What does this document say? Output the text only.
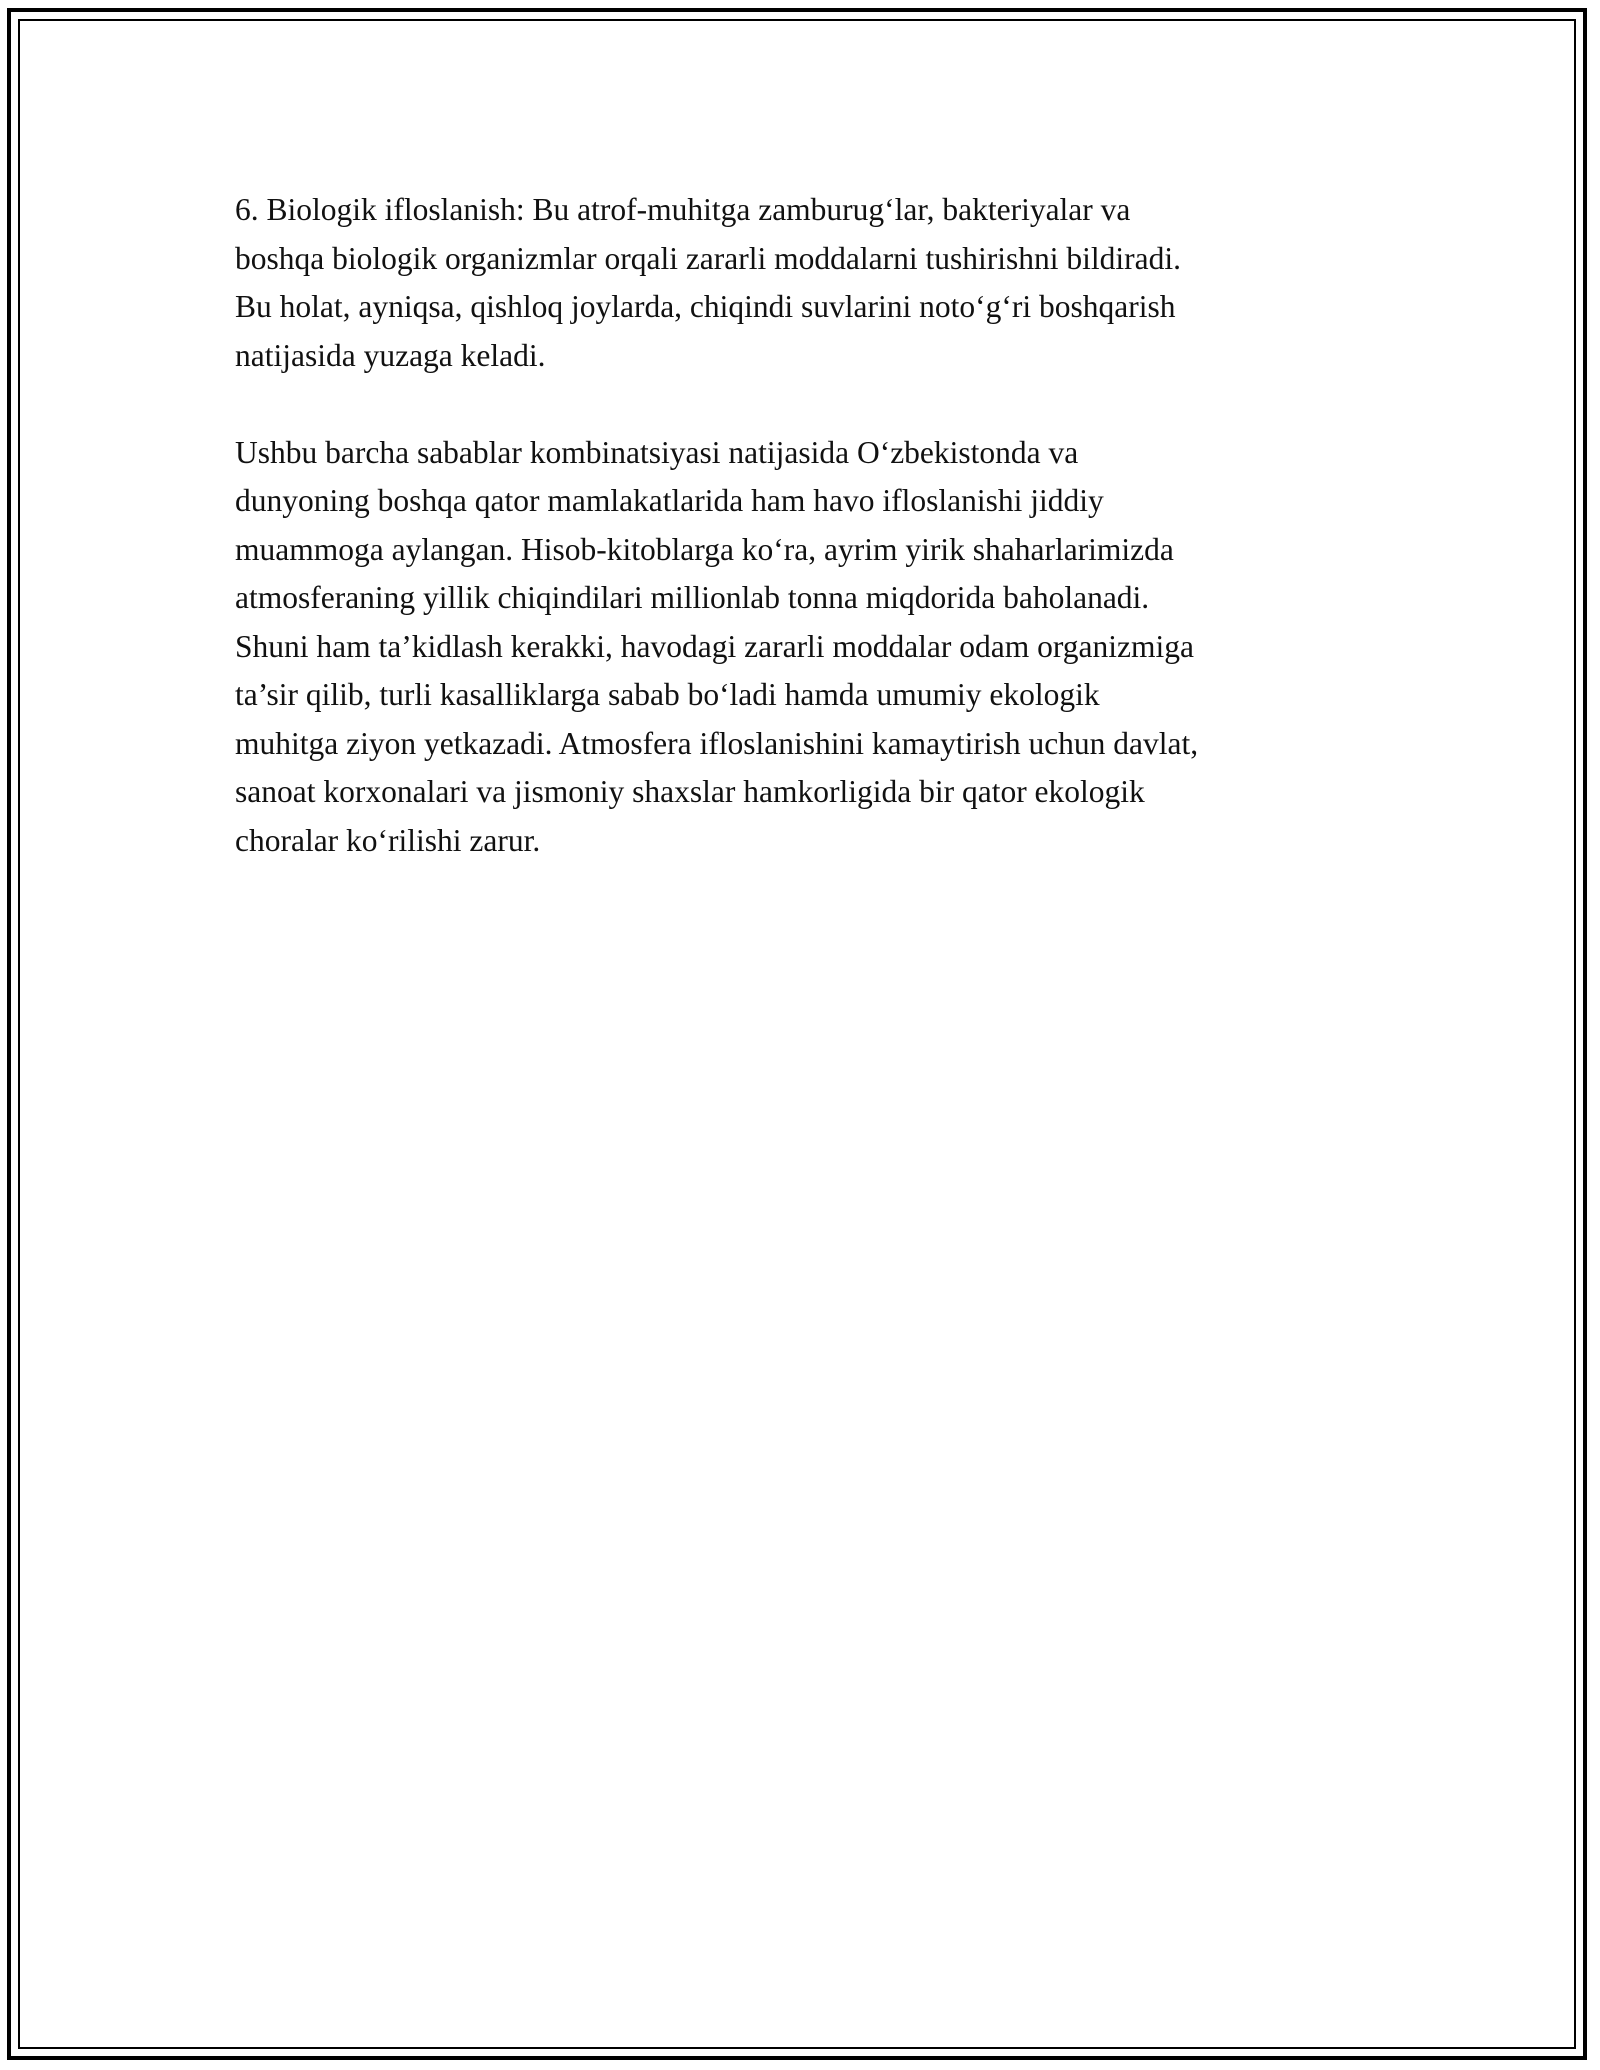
6. Biologik ifloslanish: Bu atrof-muhitga zamburug‘lar, bakteriyalar va
boshqa biologik organizmlar orqali zararli moddalarni tushirishni bildiradi.
Bu holat, ayniqsa, qishloq joylarda, chiqindi suvlarini noto‘g‘ri boshqarish
natijasida yuzaga keladi.

Ushbu barcha sabablar kombinatsiyasi natijasida O‘zbekistonda va
dunyoning boshqa qator mamlakatlarida ham havo ifloslanishi jiddiy
muammoga aylangan. Hisob-kitoblarga ko‘ra, ayrim yirik shaharlarimizda
atmosferaning yillik chiqindilari millionlab tonna miqdorida baholanadi.
Shuni ham ta’kidlash kerakki, havodagi zararli moddalar odam organizmiga
ta’sir qilib, turli kasalliklarga sabab bo‘ladi hamda umumiy ekologik
muhitga ziyon yetkazadi. Atmosfera ifloslanishini kamaytirish uchun davlat,
sanoat korxonalari va jismoniy shaxslar hamkorligida bir qator ekologik
choralar ko‘rilishi zarur.
